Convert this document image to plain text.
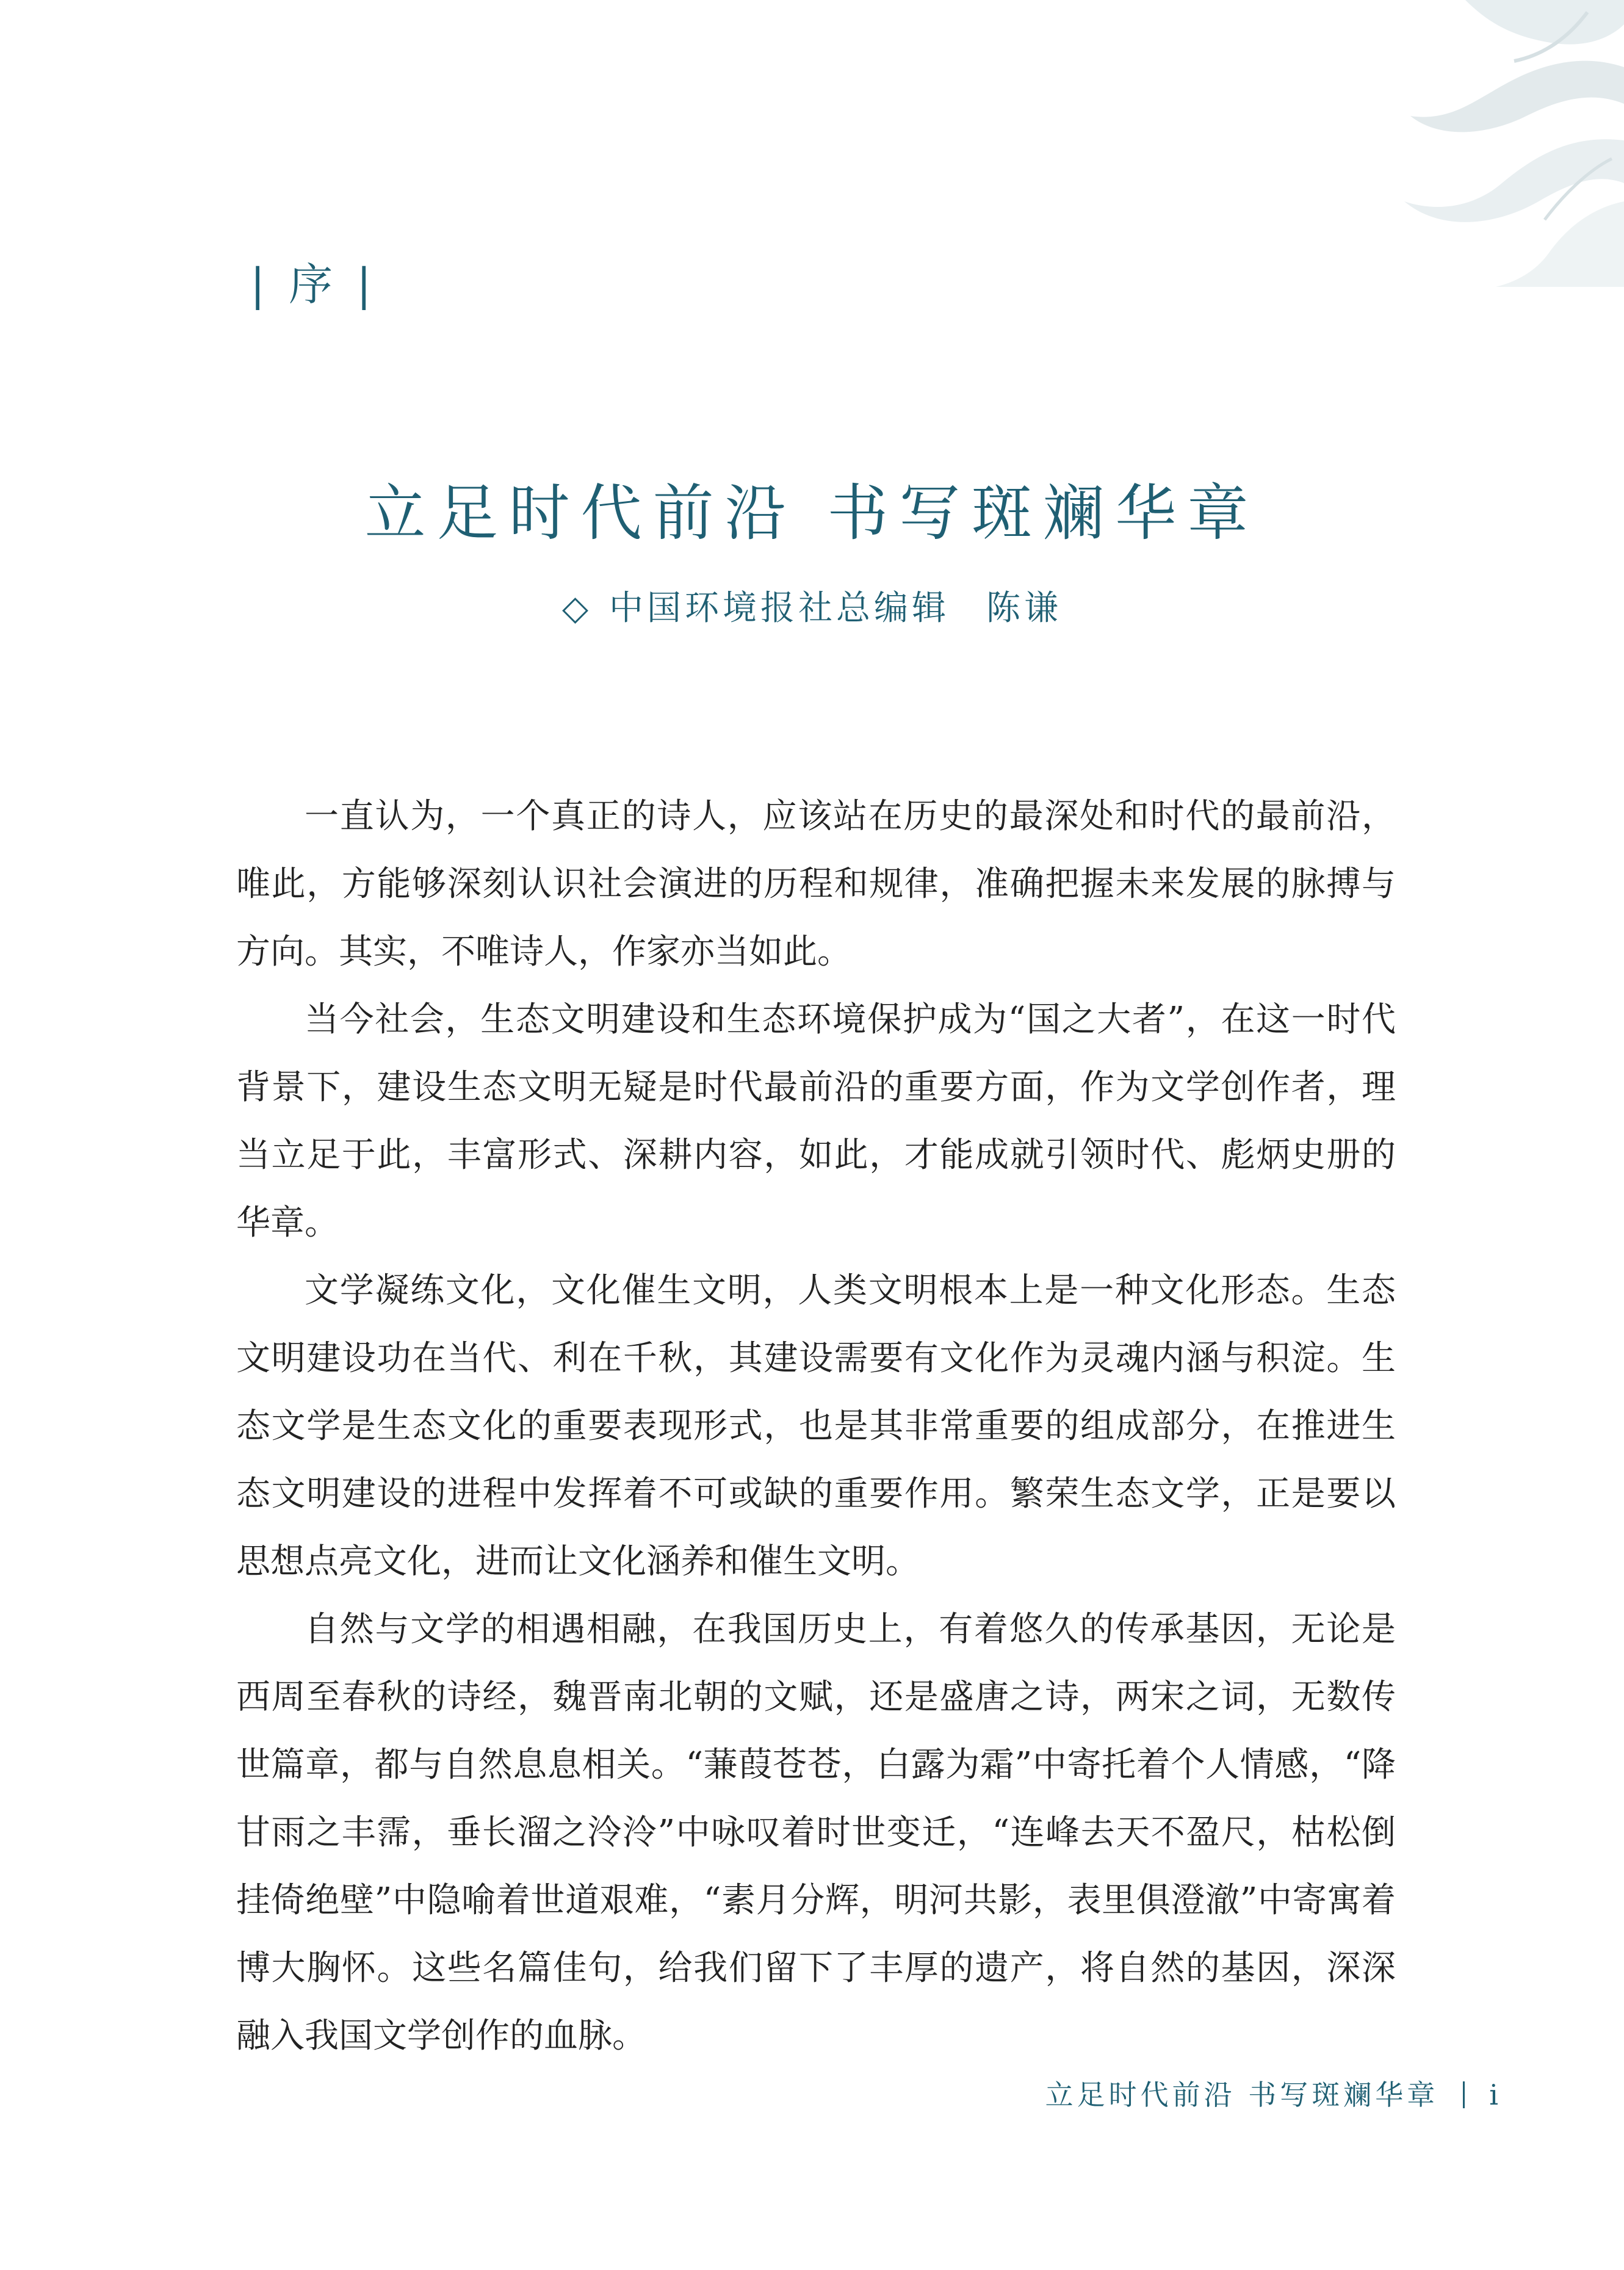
| 序 |
立足时代前沿 书写斑斓华章
◇ 中国环境报社总编辑 陈谦

一直认为，一个真正的诗人，应该站在历史的最深处和时代的最前沿，唯此，方能够深刻认识社会演进的历程和规律，准确把握未来发展的脉搏与方向。其实，不唯诗人，作家亦当如此。

当今社会，生态文明建设和生态环境保护成为“国之大者”，在这一时代背景下，建设生态文明无疑是时代最前沿的重要方面，作为文学创作者，理当立足于此，丰富形式、深耕内容，如此，才能成就引领时代、彪炳史册的华章。

文学凝练文化，文化催生文明，人类文明根本上是一种文化形态。生态文明建设功在当代、利在千秋，其建设需要有文化作为灵魂内涵与积淀。生态文学是生态文化的重要表现形式，也是其非常重要的组成部分，在推进生态文明建设的进程中发挥着不可或缺的重要作用。繁荣生态文学，正是要以思想点亮文化，进而让文化涵养和催生文明。

自然与文学的相遇相融，在我国历史上，有着悠久的传承基因，无论是西周至春秋的诗经，魏晋南北朝的文赋，还是盛唐之诗，两宋之词，无数传世篇章，都与自然息息相关。“蒹葭苍苍，白露为霜”中寄托着个人情感，“降甘雨之丰霈，垂长溜之泠泠”中咏叹着时世变迁，“连峰去天不盈尺，枯松倒挂倚绝壁”中隐喻着世道艰难，“素月分辉，明河共影，表里俱澄澈”中寄寓着博大胸怀。这些名篇佳句，给我们留下了丰厚的遗产，将自然的基因，深深融入我国文学创作的血脉。

立足时代前沿 书写斑斓华章 i
